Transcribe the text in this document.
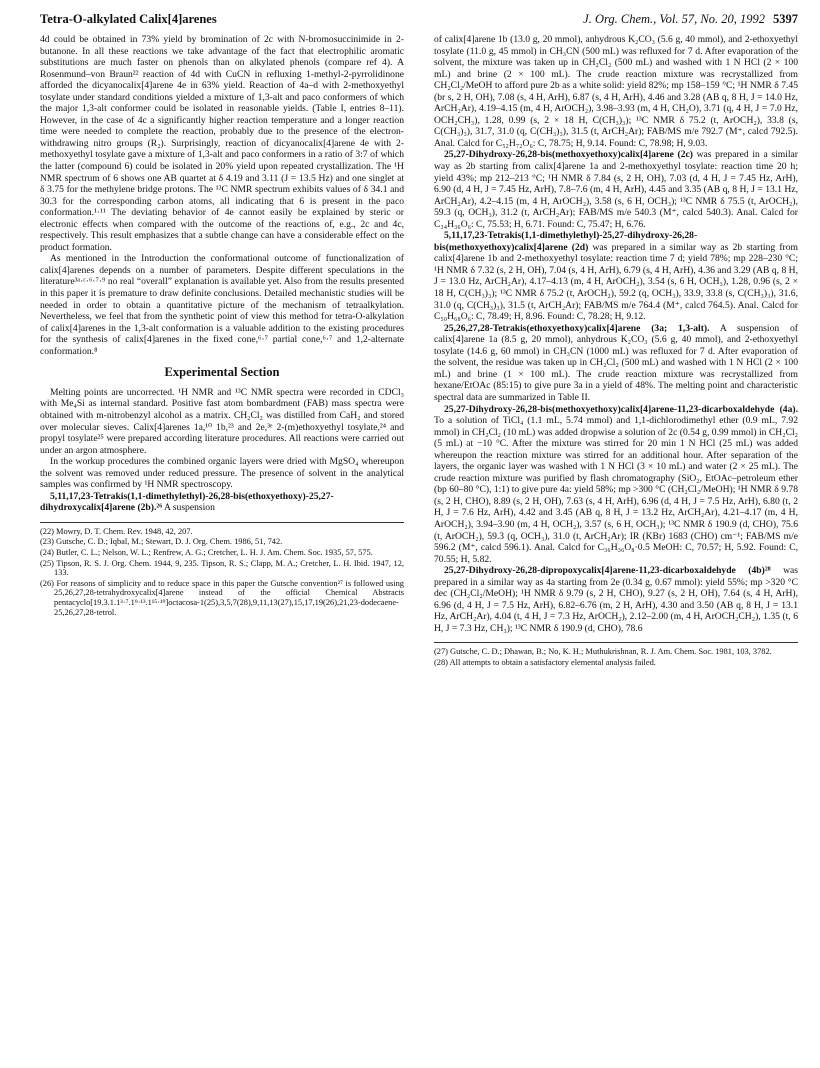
Tetra-O-alkylated Calix[4]arenes	J. Org. Chem., Vol. 57, No. 20, 1992 5397

4d could be obtained in 73% yield by bromination of 2c with N-bromosuccinimide in 2-butanone. In all these reactions we take advantage of the fact that electrophilic aromatic substitutions are much faster on phenols than on alkylated phenols (compare ref 4). A Rosenmund–von Braun²² reaction of 4d with CuCN in refluxing 1-methyl-2-pyrrolidinone afforded the dicyanocalix[4]arene 4e in 63% yield. Reaction of 4a–d with 2-methoxyethyl tosylate under standard conditions yielded a mixture of 1,3-alt and paco conformers of which the major 1,3-alt conformer could be isolated in reasonable yields. (Table I, entries 8–11). However, in the case of 4c a significantly higher reaction temperature and a longer reaction time were needed to complete the reaction, probably due to the presence of the electron-withdrawing nitro groups (R₂). Surprisingly, reaction of dicyanocalix[4]arene 4e with 2-methoxyethyl tosylate gave a mixture of 1,3-alt and paco conformers in a ratio of 3:7 of which the latter (compound 6) could be isolated in 20% yield upon repeated crystallization. The ¹H NMR spectrum of 6 shows one AB quartet at δ 4.19 and 3.11 (J = 13.5 Hz) and one singlet at δ 3.75 for the methylene bridge protons. The ¹³C NMR spectrum exhibits values of δ 34.1 and 30.3 for the corresponding carbon atoms, all indicating that 6 is present in the paco conformation.¹·¹¹ The deviating behavior of 4e cannot easily be explained by steric or electronic effects when compared with the outcome of the reactions of, e.g., 2c and 4c, respectively. This result emphasizes that a subtle change can have a considerable effect on the product formation.

As mentioned in the Introduction the conformational outcome of functionalization of calix[4]arenes depends on a number of parameters. Despite different speculations in the literature³ᵃ·ᶜ·⁶·⁷·⁹ no real “overall” explanation is available yet. Also from the results presented in this paper it is premature to draw definite conclusions. Detailed mechanistic studies will be needed in order to obtain a quantitative picture of the mechanism of tetraalkylation. Nevertheless, we feel that from the synthetic point of view this method for tetra-O-alkylation of calix[4]arenes in the 1,3-alt conformation is a valuable addition to the existing procedures for the synthesis of calix[4]arenes in the fixed cone,⁶·⁷ partial cone,⁶·⁷ and 1,2-alternate conformation.⁸

Experimental Section

Melting points are uncorrected. ¹H NMR and ¹³C NMR spectra were recorded in CDCl₃ with Me₄Si as internal standard. Positive fast atom bombardment (FAB) mass spectra were obtained with m-nitrobenzyl alcohol as a matrix. CH₂Cl₂ was distilled from CaH₂ and stored over molecular sieves. Calix[4]arenes 1a,¹⁰ 1b,²³ and 2e,³ᵉ 2-(m)ethoxyethyl tosylate,²⁴ and propyl tosylate²⁵ were prepared according literature procedures. All reactions were carried out under an argon atmosphere.

In the workup procedures the combined organic layers were dried with MgSO₄ whereupon the solvent was removed under reduced pressure. The presence of solvent in the analytical samples was confirmed by ¹H NMR spectroscopy.

5,11,17,23-Tetrakis(1,1-dimethylethyl)-26,28-bis(ethoxyethoxy)-25,27-dihydroxycalix[4]arene (2b).²⁶ A suspension

(22) Mowry, D. T. Chem. Rev. 1948, 42, 207.

(23) Gutsche, C. D.; Iqbal, M.; Stewart, D. J. Org. Chem. 1986, 51, 742.

(24) Butler, C. L.; Nelson, W. L.; Renfrew, A. G.; Cretcher, L. H. J. Am. Chem. Soc. 1935, 57, 575.

(25) Tipson, R. S. J. Org. Chem. 1944, 9, 235. Tipson, R. S.; Clapp, M. A.; Cretcher, L. H. Ibid. 1947, 12, 133.

(26) For reasons of simplicity and to reduce space in this paper the Gutsche convention²⁷ is followed using 25,26,27,28-tetrahydroxycalix[4]arene instead of the official Chemical Abstracts pentacyclo[19.3.1.1³·⁷.1⁹·¹³.1¹⁵·¹⁹]octacosa-1(25),3,5,7(28),9,11,13(27),15,17,19(26),21,23-dodecaene-25,26,27,28-tetrol.

of calix[4]arene 1b (13.0 g, 20 mmol), anhydrous K₂CO₃ (5.6 g, 40 mmol), and 2-ethoxyethyl tosylate (11.0 g, 45 mmol) in CH₃CN (500 mL) was refluxed for 7 d. After evaporation of the solvent, the mixture was taken up in CH₂Cl₂ (500 mL) and washed with 1 N HCl (2 × 100 mL) and brine (2 × 100 mL). The crude reaction mixture was recrystallized from CH₂Cl₂/MeOH to afford pure 2b as a white solid: yield 82%; mp 158–159 °C; ¹H NMR δ 7.45 (br s, 2 H, OH), 7.08 (s, 4 H, ArH), 6.87 (s, 4 H, ArH), 4.46 and 3.28 (AB q, 8 H, J = 14.0 Hz, ArCH₂Ar), 4.19–4.15 (m, 4 H, ArOCH₂), 3.98–3.93 (m, 4 H, CH₂O), 3.71 (q, 4 H, J = 7.0 Hz, OCH₂CH₃), 1.28, 0.99 (s, 2 × 18 H, C(CH₃)₃); ¹³C NMR δ 75.2 (t, ArOCH₂), 33.8 (s, C(CH₃)₃), 31.7, 31.0 (q, C(CH₃)₃), 31.5 (t, ArCH₂Ar); FAB/MS m/e 792.7 (M⁺, calcd 792.5). Anal. Calcd for C₅₂H₇₂O₆: C, 78.75; H, 9.14. Found: C, 78.98; H, 9.03.

25,27-Dihydroxy-26,28-bis(methoxyethoxy)calix[4]arene (2c) was prepared in a similar way as 2b starting from calix[4]arene 1a and 2-methoxyethyl tosylate: reaction time 20 h; yield 43%; mp 212–213 °C; ¹H NMR δ 7.84 (s, 2 H, OH), 7.03 (d, 4 H, J = 7.45 Hz, ArH), 6.90 (d, 4 H, J = 7.45 Hz, ArH), 7.8–7.6 (m, 4 H, ArH), 4.45 and 3.35 (AB q, 8 H, J = 13.1 Hz, ArCH₂Ar), 4.2–4.15 (m, 4 H, ArOCH₂), 3.58 (s, 6 H, OCH₃); ¹³C NMR δ 75.5 (t, ArOCH₂), 59.3 (q, OCH₃), 31.2 (t, ArCH₂Ar); FAB/MS m/e 540.3 (M⁺, calcd 540.3). Anal. Calcd for C₃₄H₃₆O₆: C, 75.53; H, 6.71. Found: C, 75.47; H, 6.76.

5,11,17,23-Tetrakis(1,1-dimethylethyl)-25,27-dihydroxy-26,28-bis(methoxyethoxy)calix[4]arene (2d) was prepared in a similar way as 2b starting from calix[4]arene 1b and 2-methoxyethyl tosylate: reaction time 7 d; yield 78%; mp 228–230 °C; ¹H NMR δ 7.32 (s, 2 H, OH), 7.04 (s, 4 H, ArH), 6.79 (s, 4 H, ArH), 4.36 and 3.29 (AB q, 8 H, J = 13.0 Hz, ArCH₂Ar), 4.17–4.13 (m, 4 H, ArOCH₂), 3.54 (s, 6 H, OCH₃), 1.28, 0.96 (s, 2 × 18 H, C(CH₃)₃); ¹³C NMR δ 75.2 (t, ArOCH₂), 59.2 (q, OCH₃), 33.9, 33.8 (s, C(CH₃)₃), 31.6, 31.0 (q, C(CH₃)₃), 31.5 (t, ArCH₂Ar); FAB/MS m/e 764.4 (M⁺, calcd 764.5). Anal. Calcd for C₅₀H₆₈O₆: C, 78.49; H, 8.96. Found: C, 78.28; H, 9.12.

25,26,27,28-Tetrakis(ethoxyethoxy)calix[4]arene (3a; 1,3-alt). A suspension of calix[4]arene 1a (8.5 g, 20 mmol), anhydrous K₂CO₃ (5.6 g, 40 mmol), and 2-ethoxyethyl tosylate (14.6 g, 60 mmol) in CH₃CN (1000 mL) was refluxed for 7 d. After evaporation of the solvent, the residue was taken up in CH₂Cl₂ (500 mL) and washed with 1 N HCl (2 × 100 mL) and brine (1 × 100 mL). The crude reaction mixture was recrystallized from hexane/EtOAc (85:15) to give pure 3a in a yield of 48%. The melting point and characteristic spectral data are summarized in Table II.

25,27-Dihydroxy-26,28-bis(methoxyethoxy)calix[4]arene-11,23-dicarboxaldehyde (4a). To a solution of TiCl₄ (1.1 mL, 5.74 mmol) and 1,1-dichlorodimethyl ether (0.9 mL, 7.92 mmol) in CH₂Cl₂ (10 mL) was added dropwise a solution of 2c (0.54 g, 0.99 mmol) in CH₂Cl₂ (5 mL) at −10 °C. After the mixture was stirred for 20 min 1 N HCl (25 mL) was added whereupon the reaction mixture was stirred for an additional hour. After separation of the layers, the organic layer was washed with 1 N HCl (3 × 10 mL) and water (2 × 25 mL). The crude reaction mixture was purified by flash chromatography (SiO₂, EtOAc–petroleum ether (bp 60–80 °C), 1:1) to give pure 4a: yield 58%; mp >300 °C (CH₂Cl₂/MeOH); ¹H NMR δ 9.78 (s, 2 H, CHO), 8.89 (s, 2 H, OH), 7.63 (s, 4 H, ArH), 6.96 (d, 4 H, J = 7.5 Hz, ArH), 6.80 (t, 2 H, J = 7.6 Hz, ArH), 4.42 and 3.45 (AB q, 8 H, J = 13.2 Hz, ArCH₂Ar), 4.21–4.17 (m, 4 H, ArOCH₂), 3.94–3.90 (m, 4 H, OCH₂), 3.57 (s, 6 H, OCH₃); ¹³C NMR δ 190.9 (d, CHO), 75.6 (t, ArOCH₂), 59.3 (q, OCH₃), 31.0 (t, ArCH₂Ar); IR (KBr) 1683 (CHO) cm⁻¹; FAB/MS m/e 596.2 (M⁺, calcd 596.1). Anal. Calcd for C₃₆H₃₆O₈·0.5 MeOH: C, 70.57; H, 5.92. Found: C, 70.55; H, 5.82.

25,27-Dihydroxy-26,28-dipropoxycalix[4]arene-11,23-dicarboxaldehyde (4b)²⁸ was prepared in a similar way as 4a starting from 2e (0.34 g, 0.67 mmol): yield 55%; mp >320 °C dec (CH₂Cl₂/MeOH); ¹H NMR δ 9.79 (s, 2 H, CHO), 9.27 (s, 2 H, OH), 7.64 (s, 4 H, ArH), 6.96 (d, 4 H, J = 7.5 Hz, ArH), 6.82–6.76 (m, 2 H, ArH), 4.30 and 3.50 (AB q, 8 H, J = 13.1 Hz, ArCH₂Ar), 4.04 (t, 4 H, J = 7.3 Hz, ArOCH₂), 2.12–2.00 (m, 4 H, ArOCH₂CH₂), 1.35 (t, 6 H, J = 7.3 Hz, CH₃); ¹³C NMR δ 190.9 (d, CHO), 78.6

(27) Gutsche, C. D.; Dhawan, B.; No, K. H.; Muthukrishnan, R. J. Am. Chem. Soc. 1981, 103, 3782.

(28) All attempts to obtain a satisfactory elemental analysis failed.
